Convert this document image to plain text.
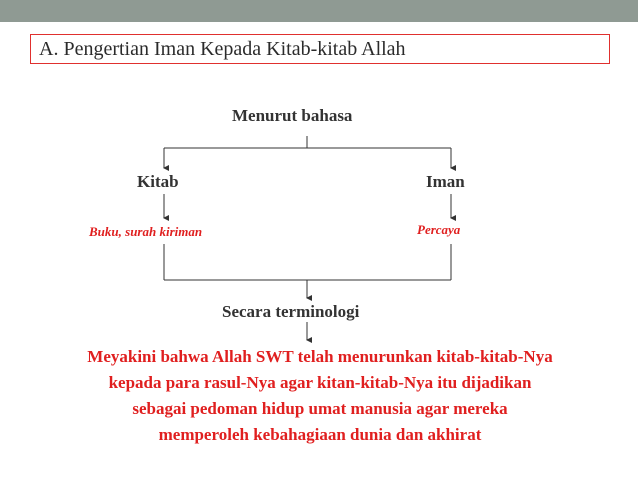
A. Pengertian Iman Kepada Kitab-kitab Allah
Menurut bahasa
Kitab	Iman
Buku, surah kiriman	Percaya
Secara terminologi
Meyakini bahwa Allah SWT telah menurunkan kitab-kitab-Nya
kepada para rasul-Nya agar kitan-kitab-Nya itu dijadikan
sebagai pedoman hidup umat manusia agar mereka
memperoleh kebahagiaan dunia dan akhirat
